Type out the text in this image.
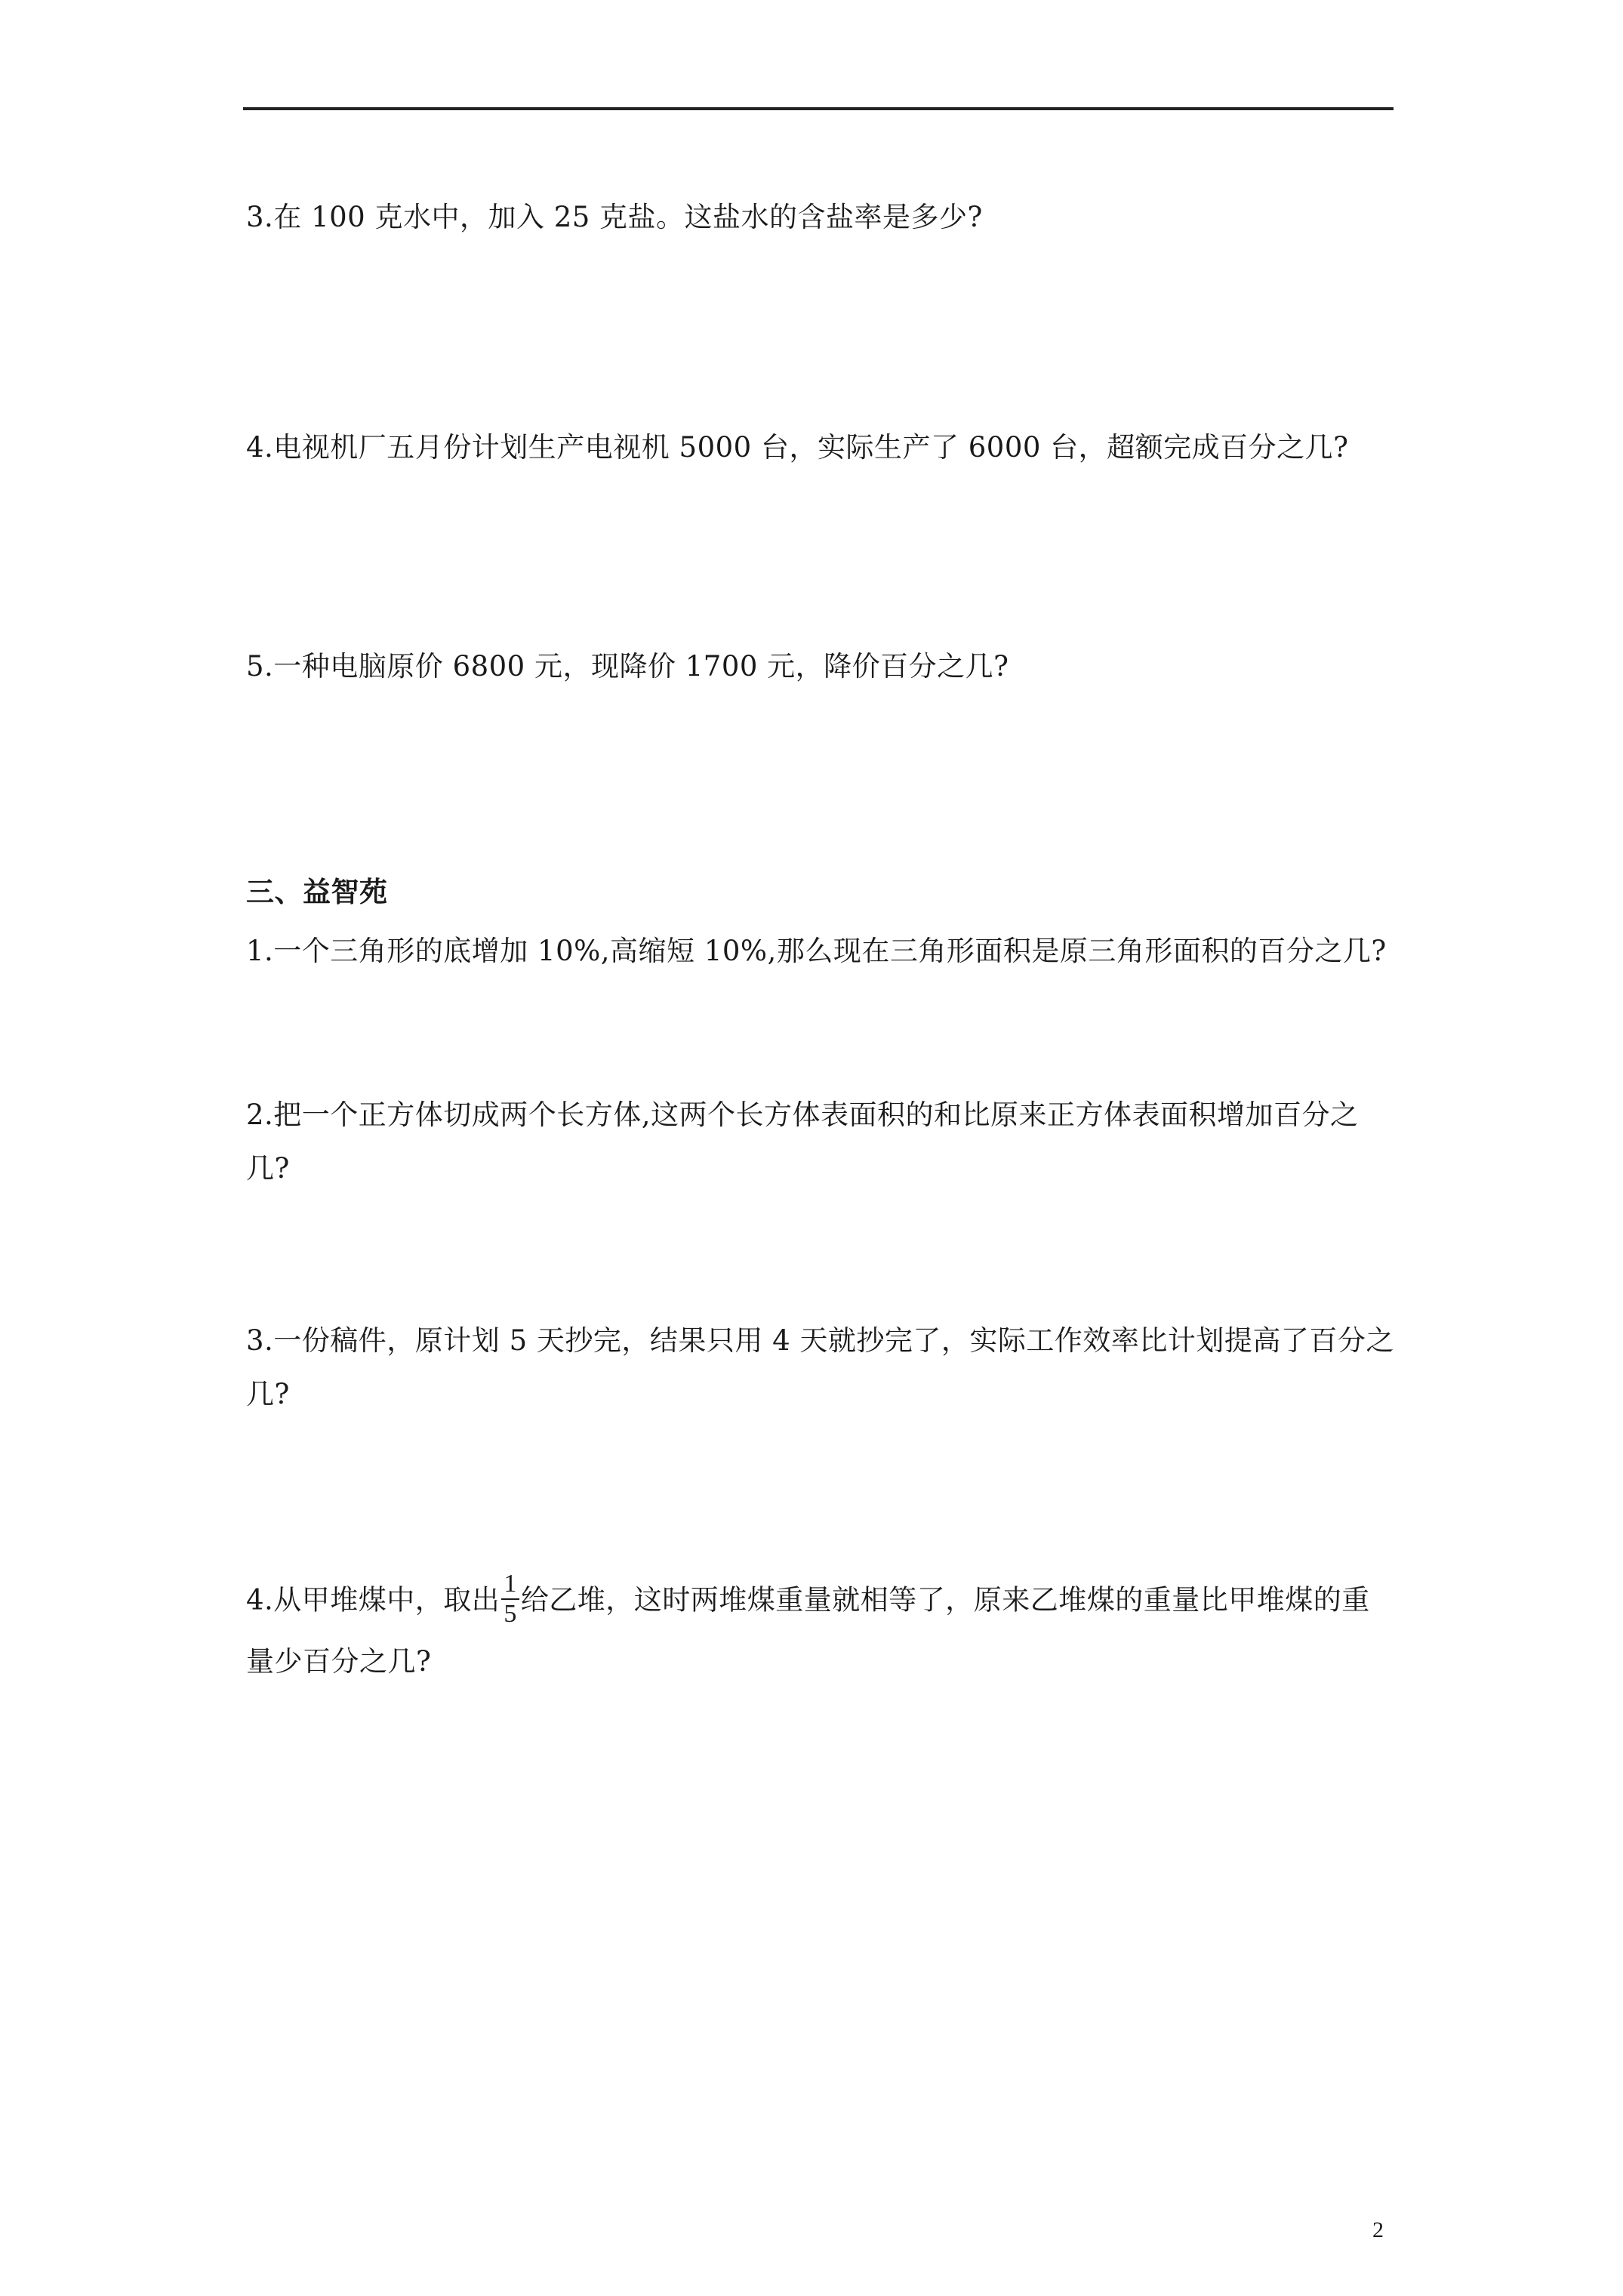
3.在 100 克水中，加入 25 克盐。这盐水的含盐率是多少?
4.电视机厂五月份计划生产电视机 5000 台，实际生产了 6000 台，超额完成百分之几?
5.一种电脑原价 6800 元，现降价 1700 元，降价百分之几?
三、益智苑
1.一个三角形的底增加 10%,高缩短 10%,那么现在三角形面积是原三角形面积的百分之几?
2.把一个正方体切成两个长方体,这两个长方体表面积的和比原来正方体表面积增加百分之
几?
3.一份稿件，原计划 5 天抄完，结果只用 4 天就抄完了，实际工作效率比计划提高了百分之
几?
4.从甲堆煤中，取出 $\frac{1}{5}$ 给乙堆，这时两堆煤重量就相等了，原来乙堆煤的重量比甲堆煤的重
量少百分之几?
2
